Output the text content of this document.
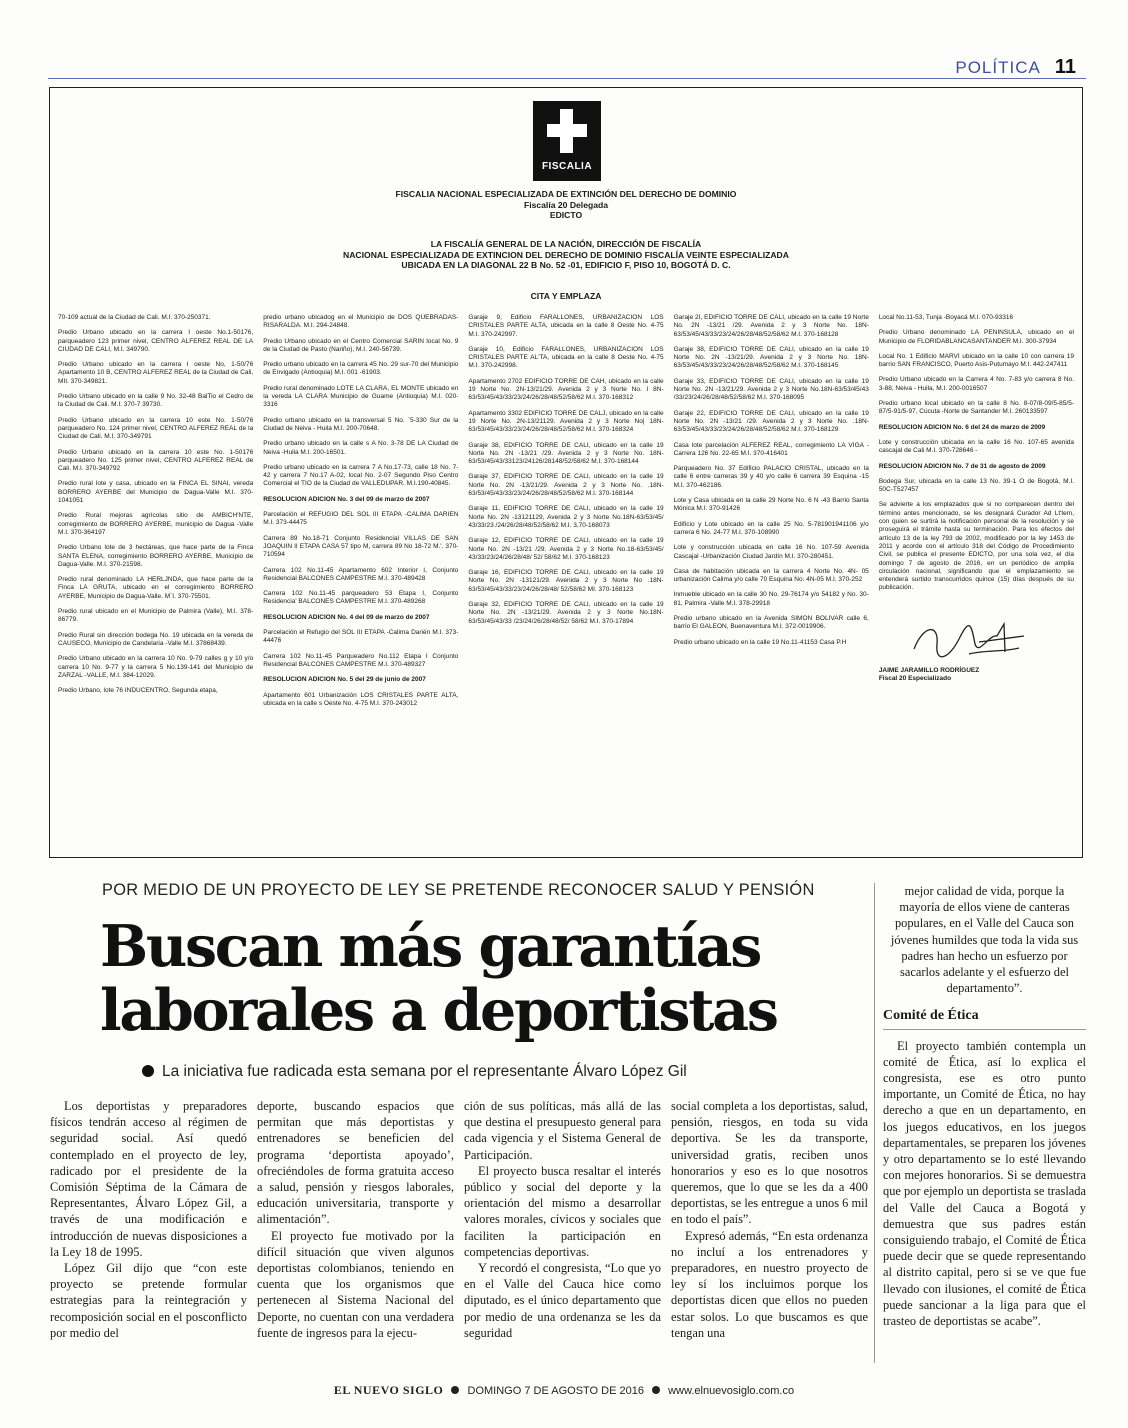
POLÍTICA 11
FISCALIA
FISCALIA NACIONAL ESPECIALIZADA DE EXTINCIÓN DEL DERECHO DE DOMINIO
Fiscalía 20 Delegada
EDICTO
LA FISCALÍA GENERAL DE LA NACIÓN, DIRECCIÓN DE FISCALÍA
NACIONAL ESPECIALIZADA DE EXTINCION DEL DERECHO DE DOMINIO FISCALÍA VEINTE ESPECIALIZADA
UBICADA EN LA DIAGONAL 22 B No. 52 -01, EDIFICIO F, PISO 10, BOGOTÁ D. C.
CITA Y EMPLAZA

70-109 actual de la Ciudad de Cali. M.I. 370-250371.

Predio Urbano ubicado en la carrera I oeste No.1-50176, parqueadero 123 primer nivel, CENTRO ALFEREZ REAL DE LA CIUDAD DE CALI, M.I. 349790.

Predio Urbano ubicado en la carrera I oeste No, 1-50/76 Apartamento 10 B, CENTRO ALFEREZ REAL de la Ciudad de Cali, MII. 370-349821.

Predio Urbano ubicado en la calle 9 No. 32-48 BalTio el Cedro de la Ciudad de Cali. M.I. 370-7 39730.

Predio Urbano ubicado en la carrera 10 este No. 1-50/76 parqueadero No. 124 primer nivel, CENTRO ALFEREZ REAL de la Ciudad de Cali. M.I. 370-349791

Predio Urbano ubicado en la carrera 10 este No. 1-50176 parqueadero No. 125 primer nivel, CENTRO ALFEREZ REAL de Cali. M.I. 370-349792

Predio rural lote y casa, ubicado en la FINCA EL SINAI, vereda BORRERO AYERBE del Municipio de Dagua-Valle M.I. 370-1041051

Predio Rural mejoras agrícolas sitio de AMBICH'NTE, corregimiento de BORRERO AYERBE, municipio de Dagua -Valle M.I. 370-364197

Predio Urbano lote de 3 hectáreas, que hace parte de la Finca SANTA ELENA, corregimiento BORRERO AYERBE, Municipio de Dagua-Valle. M.I. 370-21598.

Predio rural denominado LA HERLJNDA, que hace parte de la Finca LA GRUTA, ubicado en el corregimiento BORRERO AYERBE, Municipio de Dagua-Valle. M`I. 370-75501.

Predio rural ubicado en el Municipio de Palmira (Valle), M.I. 378-86779.

Predio Rural sin dirección bodega No. 19 ubicada en la vereda de CAUSECO, Municipio de Candelaria -Valle M.I. 37868439.

Predio Urbano ubicado en la carrera 10 No. 9-79 calles g y 10 y/o carrera 10 No. 9-77 y la carrera 5 No.139-141 del Municipio de ZARZAL -VALLE, M.I. 384-12029.

Predio Urbano, lote 76 INDUCENTRO, Segunda etapa,

predio urbano ubicadog en el Municipio de DOS QUEBRADAS-RISARALDA. M.I. 294-24848.

Predio Urbano ubicado en el Centro Comercial SARIN local No. 9 de la Ciudad de Pasto (Nariño), M.I. 240-56739.

Predio urbano ubicado en la carrera 45 No. 29 sur-70 del Municipio de Envigado (Antioquia) M.I. 001 -61903.

Predio rural denominado LOTE LA CLARA, EL MONTE ubicado en la vereda LA CLARA Municipio de Guame (Antioquia) M.I. 020-3316

Predio urbano ubicado en la transversal 5 No. `5-330 Sur de la Ciudad de Neiva - Huila M.I. 200-70648.

Predio urbano ubicado en la calle s A No. 3-78 DE LA Ciudad de Neiva -Huila M.I. 200-16501.

Predio urbano ubicado en la carrera 7 A No.17-73, calle 18 No. 7-42 y carrera 7 No.17 A-02, local No. 2-07 Segundo Piso Centro Comercial el TIO de la Ciudad de VALLEDUPAR. M.I.190-40845.

RESOLUCION ADICION No. 3 del 09 de marzo de 2007

Parcelación el REFUGIO DEL SOL III ETAPA -CALIMA DARIEN M.I. 373-44475

Carrera 89 No.18-71 Conjunto Residencial VILLAS DE SAN JOAQUIN II ETAPA CASA 57 tipo M, carrera 89 No 18-72 M.'. 370-710594

Carrera 102 No.11-45 Apartamento 602 Interior I, Conjunto Residencial BALCONES CAMPESTRE M.I. 370-489428

Carrera 102 No.11-45 parqueadero 53 Etapa I, Conjunto Residencia' BALCONES CAMPESTRE M.I. 370-489268

RESOLUCION ADICION No. 4 del 09 de marzo de 2007

Parcelación el Refugio del SOL III ETAPA -Calima Darién M.I. 373-44476

Carrera 102 No.11-45 Parqueadero No.112 Etapa I Conjunto Residencial BALCONES CAMPESTRE M.I. 370-489327

RESOLUCION ADICION No. 5 del 29 de junio de 2007

Apartamento 601 Urbanización LOS CRISTALES PARTE ALTA, ubicada en la calle s Oeste No. 4-75 M.I. 370-243012

Garaje 9, Edificio FARALLONES, URBANIZACION LOS CRISTALES PARTE ALTA, ubicada en la calle 8 Oeste No. 4-75 M.I. 370-242997.

Garaje 10, Edificio FARALLONES, URBANIZACION LOS CRISTALES PARTE AL'TA, ubicada en la calle 8 Oeste No. 4-75 M.I. 370-242998.

Apartamento 2702 EDIFICIO TORRE DE CAH, ubicado en la calle 19 Norte No. 2N-13/21/29. Avenida 2 y 3 Norte No. I 8N-63/53/45/43/33/23/24/26/28/48/52/58/62 M.I. 370-168312

Apartamento 3302 EDIFICIO TORRE DE CALJ, ubicado en la calle 19 Norte No. 2N-13/21129. Avenida 2 y 3 Norte No| 18N-63/53/45/43/33/23/24/26/28/48/52/58/62 M.I. 370-168324

Garaje 38, EDIFICIO TORRE DE CALI, ubicado en la calle 19 Norte No. 2N -13/21 /29. Avenida 2 y 3 Norte No. 18N-63/53/45/43/33123/24126/28148/52/58/62 M.I. 370-168144

Garaje 37, EDIFICIO TORRE DE CALI, ubicado en la calle 19 Norte No. 2N -13/21/29. Avenida 2 y 3 Norte No. .18N-63/53/45/43/33/23/24/26/28/48/52/58/62 M.I. 370-168144

Garaje 11, EDIFICIO TORRE DE CALI, ubicado en la calle 19 Norte No. 2N -13121129, Avenida 2 y 3 Norte No.18N-63/53/45/ 43/33/23 /24/26/28/48/52/58/62 M.I. 3,70-168073

Garaje 12, EDIFICIO TORRE DE CALI, ubicado en la calle 19 Norte No. 2N -13/21 /29. Avenida 2 y 3 Norte No.18-63/53/45/ 43/33/23/24/26/28/48/ 52/ 58/62 M.I. 370-168123

Garaje 16, EDIFICIO TORRE DE CALI, ubicado en la calle 19 Norte No. 2N -13121/29. Avenida 2 y 3 Norte No .18N-63/53/45/43/33/23/24/26/28/48/ 52/58/62 MI. 370-168123

Garaje 32, EDIFICIO TORRE DE CALI, ubicado en la calle 19 Norte No. 2N -13/21/29. Avenida 2 y 3 Norte No.18N-63/53/45/43/33 /23/24/26/28/48/52/ 58/62 M.I. 370-17894

Garaje 2I, EDIFICIO TORRE DE CALI, ubicado en la calle 19 Norte No. 2N -13/21 /29. Avenida 2 y 3 Norte No. 18N-63/53/45/43/33/23/24/26/28/48/52/58/62 M.I. 370-168128

Garaje 38, EDIFICIO TORRE DE CALI, ubicado en la calle 19 Norte No. 2N -13/21/29. Avenida 2 y 3 Norte No. 18N-63/53/45/43/33/23/24/26/28/48/52/58/62 M.I. 370-168145

Garaje 33, EDIFICIO TORRE DE CALI, ubicado en la calle 19 Norte No. 2N -13/21/29. Avenida 2 y 3 Norte No.18N-63/53/45/43 /33/23/24/26/28/48/52/58/62 M.I. 370-168095

Garaje 22, EDIFICIO TORRE DE CALI, ubicado en la calle 19 Norte No. 2N -13/21 /29. Avenida 2 y 3 Norte No. .18N-63/53/45/43/33/23/24/26/28/48/52/58/62 M.I. 370-168129

Casa lote parcelación ALFEREZ REAL, corregimiento LA VIGA -Carrera 126 No. 22-65 M.I. 370-416401

Parqueadero No. 37 Edificio PALACIO CRISTAL, ubicado en la calle 6 entre carreras 39 y 40 y/o calle 6 carrera 39 Esquina -15 M.I. 370-462186.

Lote y Casa ubicada en la calle 29 Norte No. 6 N -43 Barrio Santa Mónica M.I. 370-91426

Edificio y Lote ubicado en la calle 25 No. 5-781901941106 y/o carrera 6 No. 24-77 M.I. 370-108990

Lote y construcción ubicada en calle 16 No. 107-59 Avenida Cascajal -Urbanización Ciudad Jardín M.I. 370-280451.

Casa de habitación ubicada en la carrera 4 Norte No. 4N- 05 urbanización Calima y/o calle 70 Esquina No. 4N-05 M.I. 370-252

Inmueble ubicado en la calle 30 No. 29-76174 y/o 54182 y No. 30-81, Palmira -Valle M.I. 378-29918

Predio urbano ubicado en la Avenida SIMON BOLIVAR calle 6, barrio El GALEON, Buenaventura M.I. 372-0019906.

Predio urbano ubicado en la calle 19 No.11-41153 Casa P.H

Local No.11-53, Tunja -Boyacá M.I. 070-93316

Predio Urbano denominado LA PENINSULA, ubicado en el Municipio de FLORIDABLANCASANTANDER M.I. 300-37934

Local No. 1 Edificio MARVI ubicado en la calle 10 con carrera 19 barrio SAN FRANCISCO, Puerto Asis-Putumayo M.I. 442-247411

Predio Urbano ubicado en la Carrera 4 No. 7-83 y/o carrera 8 No. 3-88, Neiva - Huila, M.I. 200-0016507

Predio urbano local ubicado en la calle 8 No. 8-07/8-09/5-85/5-87/5-91/5-97, Cúcuta -Norte de Santander M.I. 260133597

RESOLUCION ADICION No. 6 del 24 de marzo de 2009

Lote y construcción ubicada en la calle 16 No. 107-65 avenida cascajal de Cali M.I. 370-728646 -

RESOLUCION ADICION No. 7 de 31 de agosto de 2009

Bodega Sur, ubicada en la calle 13 No. 39-1 O de Bogotá, M.I. 50C-T527457

Se advierte a los emplazados que si no comparecen dentro del término antes mencionado, se les designará Curador Ad Lt'tem, con quien se surtirá la notificación personal de la resolución y se proseguirá el trámite hasta su terminación. Para los efectos del artículo 13 de la ley 793 de 2002, modificado por la ley 1453 de 2011 y acorde con el artículo 318 del Código de Procedimiento Civil, se publica el presente EDICTO, por una sola vez, el día domingo 7 de agosto de 2016, en un periódico de amplia circulación nacional, significando que el emplazamiento se entenderá surtido transcurridos quince (15) días después de su publicación.

JAIME JARAMILLO RODRÍGUEZ

Fiscal 20 Especializado

POR MEDIO DE UN PROYECTO DE LEY SE PRETENDE RECONOCER SALUD Y PENSIÓN
Buscan más garantías
laborales a deportistas
La iniciativa fue radicada esta semana por el representante Álvaro López Gil

Los deportistas y preparadores físicos tendrán acceso al régimen de seguridad social. Así quedó contemplado en el proyecto de ley, radicado por el presidente de la Comisión Séptima de la Cámara de Representantes, Álvaro López Gil, a través de una modificación e introducción de nuevas disposiciones a la Ley 18 de 1995.

López Gil dijo que “con este proyecto se pretende formular estrategias para la reintegración y recomposición social en el posconflicto por medio del

deporte, buscando espacios que permitan que más deportistas y entrenadores se beneficien del programa ‘deportista apoyado’, ofreciéndoles de forma gratuita acceso a salud, pensión y riesgos laborales, educación universitaria, transporte y alimentación”.

El proyecto fue motivado por la difícil situación que viven algunos deportistas colombianos, teniendo en cuenta que los organismos que pertenecen al Sistema Nacional del Deporte, no cuentan con una verdadera fuente de ingresos para la ejecu-

ción de sus políticas, más allá de las que destina el presupuesto general para cada vigencia y el Sistema General de Participación.

El proyecto busca resaltar el interés público y social del deporte y la orientación del mismo a desarrollar valores morales, cívicos y sociales que faciliten la participación en competencias deportivas.

Y recordó el congresista, “Lo que yo en el Valle del Cauca hice como diputado, es el único departamento que por medio de una ordenanza se les da seguridad

social completa a los deportistas, salud, pensión, riesgos, en toda su vida deportiva. Se les da transporte, universidad gratis, reciben unos honorarios y eso es lo que nosotros queremos, que lo que se les da a 400 deportistas, se les entregue a unos 6 mil en todo el país”.

Expresó además, “En esta ordenanza no incluí a los entrenadores y preparadores, en nuestro proyecto de ley sí los incluimos porque los deportistas dicen que ellos no pueden estar solos. Lo que buscamos es que tengan una

mejor calidad de vida, porque la mayoría de ellos viene de canteras populares, en el Valle del Cauca son jóvenes humildes que toda la vida sus padres han hecho un esfuerzo por sacarlos adelante y el esfuerzo del departamento”.

Comité de Ética

El proyecto también contempla un comité de Ética, así lo explica el congresista, ese es otro punto importante, un Comité de Ética, no hay derecho a que en un departamento, en los juegos educativos, en los juegos departamentales, se preparen los jóvenes y otro departamento se lo esté llevando con mejores honorarios. Si se demuestra que por ejemplo un deportista se traslada del Valle del Cauca a Bogotá y demuestra que sus padres están consiguiendo trabajo, el Comité de Ética puede decir que se quede representando al distrito capital, pero si se ve que fue llevado con ilusiones, el comité de Ética puede sancionar a la liga para que el trasteo de deportistas se acabe”.

EL NUEVO SIGLO DOMINGO 7 DE AGOSTO DE 2016 www.elnuevosiglo.com.co
